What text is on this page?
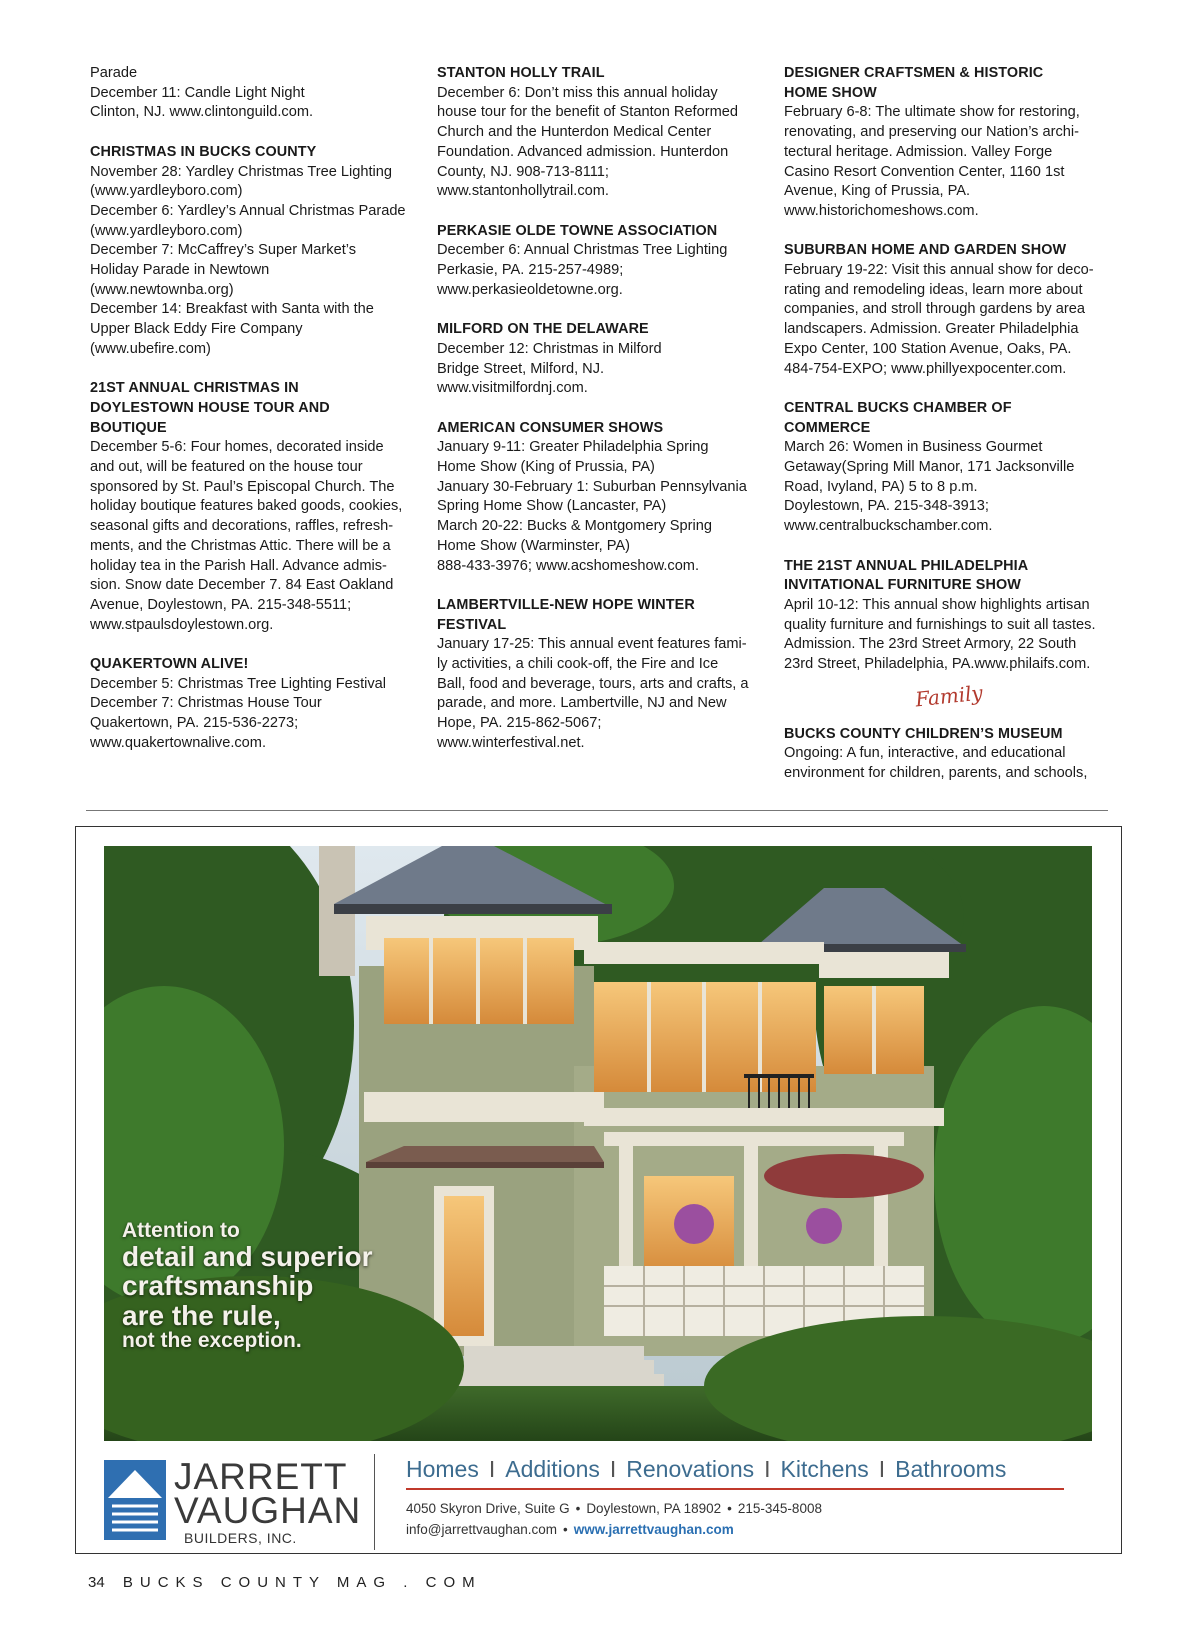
Parade
December 11: Candle Light Night
Clinton, NJ. www.clintonguild.com.
CHRISTMAS IN BUCKS COUNTY
November 28: Yardley Christmas Tree Lighting
(www.yardleyboro.com)
December 6: Yardley’s Annual Christmas Parade
(www.yardleyboro.com)
December 7: McCaffrey’s Super Market’s
Holiday Parade in Newtown
(www.newtownba.org)
December 14: Breakfast with Santa with the
Upper Black Eddy Fire Company
(www.ubefire.com)
21ST ANNUAL CHRISTMAS IN
DOYLESTOWN HOUSE TOUR AND
BOUTIQUE
December 5-6: Four homes, decorated inside
and out, will be featured on the house tour
sponsored by St. Paul’s Episcopal Church. The
holiday boutique features baked goods, cookies,
seasonal gifts and decorations, raffles, refresh-
ments, and the Christmas Attic. There will be a
holiday tea in the Parish Hall. Advance admis-
sion. Snow date December 7. 84 East Oakland
Avenue, Doylestown, PA. 215-348-5511;
www.stpaulsdoylestown.org.
QUAKERTOWN ALIVE!
December 5: Christmas Tree Lighting Festival
December 7: Christmas House Tour
Quakertown, PA. 215-536-2273;
www.quakertownalive.com.
STANTON HOLLY TRAIL
December 6: Don’t miss this annual holiday
house tour for the benefit of Stanton Reformed
Church and the Hunterdon Medical Center
Foundation. Advanced admission. Hunterdon
County, NJ. 908-713-8111;
www.stantonhollytrail.com.
PERKASIE OLDE TOWNE ASSOCIATION
December 6: Annual Christmas Tree Lighting
Perkasie, PA. 215-257-4989;
www.perkasieoldetowne.org.
MILFORD ON THE DELAWARE
December 12: Christmas in Milford
Bridge Street, Milford, NJ.
www.visitmilfordnj.com.
AMERICAN CONSUMER SHOWS
January 9-11: Greater Philadelphia Spring
Home Show (King of Prussia, PA)
January 30-February 1: Suburban Pennsylvania
Spring Home Show (Lancaster, PA)
March 20-22: Bucks & Montgomery Spring
Home Show (Warminster, PA)
888-433-3976; www.acshomeshow.com.
LAMBERTVILLE-NEW HOPE WINTER
FESTIVAL
January 17-25: This annual event features fami-
ly activities, a chili cook-off, the Fire and Ice
Ball, food and beverage, tours, arts and crafts, a
parade, and more. Lambertville, NJ and New
Hope, PA. 215-862-5067;
www.winterfestival.net.
DESIGNER CRAFTSMEN & HISTORIC
HOME SHOW
February 6-8: The ultimate show for restoring,
renovating, and preserving our Nation’s archi-
tectural heritage. Admission. Valley Forge
Casino Resort Convention Center, 1160 1st
Avenue, King of Prussia, PA.
www.historichomeshows.com.
SUBURBAN HOME AND GARDEN SHOW
February 19-22: Visit this annual show for deco-
rating and remodeling ideas, learn more about
companies, and stroll through gardens by area
landscapers. Admission. Greater Philadelphia
Expo Center, 100 Station Avenue, Oaks, PA.
484-754-EXPO; www.phillyexpocenter.com.
CENTRAL BUCKS CHAMBER OF
COMMERCE
March 26: Women in Business Gourmet
Getaway(Spring Mill Manor, 171 Jacksonville
Road, Ivyland, PA) 5 to 8 p.m.
Doylestown, PA. 215-348-3913;
www.centralbuckschamber.com.
THE 21ST ANNUAL PHILADELPHIA
INVITATIONAL FURNITURE SHOW
April 10-12: This annual show highlights artisan
quality furniture and furnishings to suit all tastes.
Admission. The 23rd Street Armory, 22 South
23rd Street, Philadelphia, PA.www.philaifs.com.
Family
BUCKS COUNTY CHILDREN’S MUSEUM
Ongoing: A fun, interactive, and educational
environment for children, parents, and schools,
Attention to
detail and superior
craftsmanship
are the rule,
not the exception.
JARRETT
VAUGHAN
BUILDERS, INC.
Homes I Additions I Renovations I Kitchens I Bathrooms
4050 Skyron Drive, Suite G • Doylestown, PA 18902 • 215-345-8008
info@jarrettvaughan.com • www.jarrettvaughan.com
34 BUCKS COUNTY MAG . COM
